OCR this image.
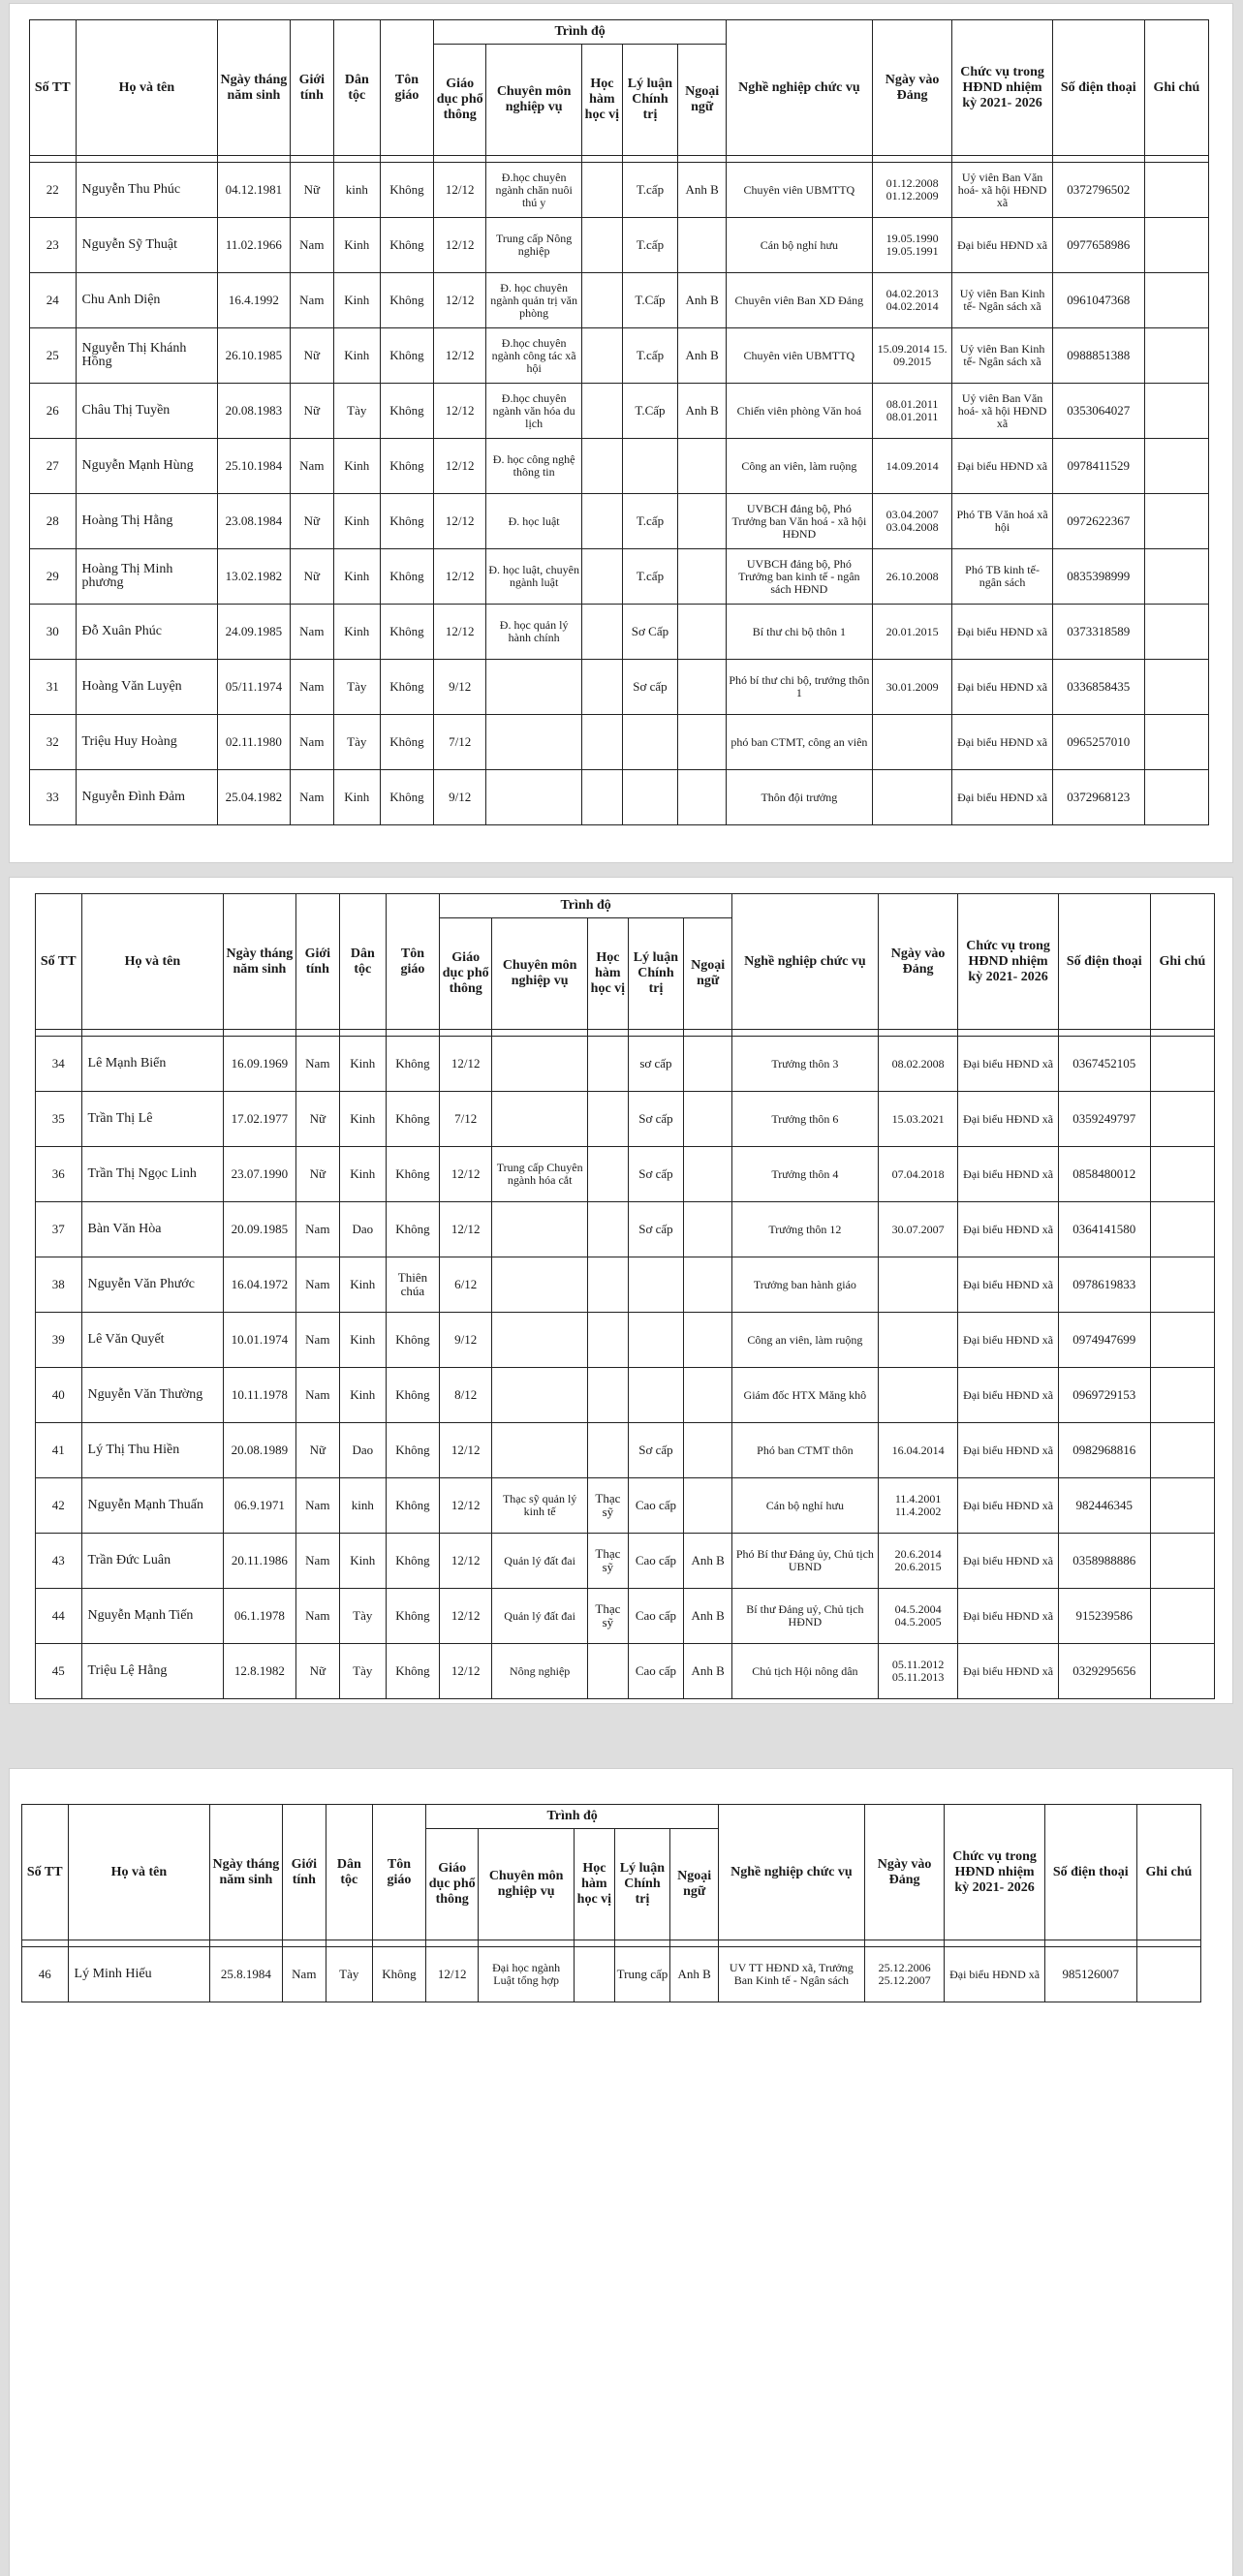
Số TT	Họ và tên	Ngày tháng năm sinh	Giới tính	Dân tộc	Tôn giáo	Trình độ					Nghề nghiệp chức vụ	Ngày vào Đảng	Chức vụ trong HĐND nhiệm kỳ 2021- 2026	Số điện thoại	Ghi chú
						Giáo dục phổ thông	Chuyên môn nghiệp vụ	Học hàm học vị	Lý luận Chính trị	Ngoại ngữ					

22	Nguyễn Thu Phúc	04.12.1981	Nữ	kinh	Không	12/12	Đ.học chuyên ngành chăn nuôi thú y		T.cấp	Anh B	Chuyên viên UBMTTQ	01.12.2008 01.12.2009	Uỷ viên Ban Văn hoá- xã hội HĐND xã	0372796502	
23	Nguyễn Sỹ Thuật	11.02.1966	Nam	Kinh	Không	12/12	Trung cấp Nông nghiệp		T.cấp		Cán bộ nghỉ hưu	19.05.1990 19.05.1991	Đại biểu HĐND xã	0977658986	
24	Chu Anh Diện	16.4.1992	Nam	Kinh	Không	12/12	Đ. học chuyên ngành quản trị văn phòng		T.Cấp	Anh B	Chuyên viên Ban XD Đảng	04.02.2013 04.02.2014	Uỷ viên Ban Kinh tế- Ngân sách xã	0961047368	
25	Nguyễn Thị Khánh Hồng	26.10.1985	Nữ	Kinh	Không	12/12	Đ.học chuyên ngành công tác xã hội		T.cấp	Anh B	Chuyên viên UBMTTQ	15.09.2014 15. 09.2015	Uỷ viên Ban Kinh tế- Ngân sách xã	0988851388	
26	Châu Thị Tuyền	20.08.1983	Nữ	Tày	Không	12/12	Đ.học chuyên ngành văn hóa du lịch		T.Cấp	Anh B	Chiến viên phòng Văn hoá	08.01.2011 08.01.2011	Uỷ viên Ban Văn hoá- xã hội HĐND xã	0353064027	
27	Nguyễn Mạnh Hùng	25.10.1984	Nam	Kinh	Không	12/12	Đ. học công nghệ thông tin				Công an viên, làm ruộng	14.09.2014	Đại biểu HĐND xã	0978411529	
28	Hoàng Thị Hằng	23.08.1984	Nữ	Kinh	Không	12/12	Đ. học luật		T.cấp		UVBCH đảng bộ, Phó Trưởng ban Văn hoá - xã hội HĐND	03.04.2007 03.04.2008	Phó TB Văn hoá xã hội	0972622367	
29	Hoàng Thị Minh phương	13.02.1982	Nữ	Kinh	Không	12/12	Đ. học luật, chuyên ngành luật		T.cấp		UVBCH đảng bộ, Phó Trưởng ban kinh tế - ngân sách HĐND	26.10.2008	Phó TB kinh tế- ngân sách	0835398999	
30	Đỗ Xuân Phúc	24.09.1985	Nam	Kinh	Không	12/12	Đ. học quản lý hành chính		Sơ Cấp		Bí thư chi bộ thôn 1	20.01.2015	Đại biểu HĐND xã	0373318589	
31	Hoàng Văn Luyện	05/11.1974	Nam	Tày	Không	9/12			Sơ cấp		Phó bí thư chi bộ, trưởng thôn 1	30.01.2009	Đại biểu HĐND xã	0336858435	
32	Triệu Huy Hoàng	02.11.1980	Nam	Tày	Không	7/12					phó ban CTMT, công an viên		Đại biểu HĐND xã	0965257010	
33	Nguyễn Đình Đảm	25.04.1982	Nam	Kinh	Không	9/12					Thôn đội trưởng		Đại biểu HĐND xã	0372968123	
Số TT	Họ và tên	Ngày tháng năm sinh	Giới tính	Dân tộc	Tôn giáo	Trình độ					Nghề nghiệp chức vụ	Ngày vào Đảng	Chức vụ trong HĐND nhiệm kỳ 2021- 2026	Số điện thoại	Ghi chú
						Giáo dục phổ thông	Chuyên môn nghiệp vụ	Học hàm học vị	Lý luận Chính trị	Ngoại ngữ					

34	Lê Mạnh Biển	16.09.1969	Nam	Kinh	Không	12/12			sơ cấp		Trưởng thôn 3	08.02.2008	Đại biểu HĐND xã	0367452105	
35	Trần Thị Lê	17.02.1977	Nữ	Kinh	Không	7/12			Sơ cấp		Trưởng thôn 6	15.03.2021	Đại biểu HĐND xã	0359249797	
36	Trần Thị Ngọc Linh	23.07.1990	Nữ	Kinh	Không	12/12	Trung cấp Chuyên ngành hóa cắt		Sơ cấp		Trưởng thôn 4	07.04.2018	Đại biểu HĐND xã	0858480012	
37	Bàn Văn Hòa	20.09.1985	Nam	Dao	Không	12/12			Sơ cấp		Trưởng thôn 12	30.07.2007	Đại biểu HĐND xã	0364141580	
38	Nguyễn Văn Phước	16.04.1972	Nam	Kinh	Thiên chúa	6/12					Trưởng ban hành giáo		Đại biểu HĐND xã	0978619833	
39	Lê Văn Quyết	10.01.1974	Nam	Kinh	Không	9/12					Công an viên, làm ruộng		Đại biểu HĐND xã	0974947699	
40	Nguyễn Văn Thường	10.11.1978	Nam	Kinh	Không	8/12					Giám đốc HTX Măng khô		Đại biểu HĐND xã	0969729153	
41	Lý Thị Thu Hiền	20.08.1989	Nữ	Dao	Không	12/12			Sơ cấp		Phó ban CTMT thôn	16.04.2014	Đại biểu HĐND xã	0982968816	
42	Nguyễn Mạnh Thuấn	06.9.1971	Nam	kinh	Không	12/12	Thạc sỹ quản lý kinh tế	Thạc sỹ	Cao cấp		Cán bộ nghỉ hưu	11.4.2001 11.4.2002	Đại biểu HĐND xã	982446345	
43	Trần Đức Luân	20.11.1986	Nam	Kinh	Không	12/12	Quản lý đất đai	Thạc sỹ	Cao cấp	Anh B	Phó Bí thư Đảng ủy, Chủ tịch UBND	20.6.2014 20.6.2015	Đại biểu HĐND xã	0358988886	
44	Nguyễn Mạnh Tiến	06.1.1978	Nam	Tày	Không	12/12	Quản lý đất đai	Thạc sỹ	Cao cấp	Anh B	Bí thư Đảng uỷ, Chủ tịch HĐND	04.5.2004 04.5.2005	Đại biểu HĐND xã	915239586	
45	Triệu Lệ Hằng	12.8.1982	Nữ	Tày	Không	12/12	Nông nghiệp		Cao cấp	Anh B	Chủ tịch Hội nông dân	05.11.2012 05.11.2013	Đại biểu HĐND xã	0329295656	
Số TT	Họ và tên	Ngày tháng năm sinh	Giới tính	Dân tộc	Tôn giáo	Trình độ					Nghề nghiệp chức vụ	Ngày vào Đảng	Chức vụ trong HĐND nhiệm kỳ 2021- 2026	Số điện thoại	Ghi chú
						Giáo dục phổ thông	Chuyên môn nghiệp vụ	Học hàm học vị	Lý luận Chính trị	Ngoại ngữ					

46	Lý Minh Hiếu	25.8.1984	Nam	Tày	Không	12/12	Đại học ngành Luật tổng hợp		Trung cấp	Anh B	UV TT HĐND xã, Trưởng Ban Kinh tế - Ngân sách	25.12.2006 25.12.2007	Đại biểu HĐND xã	985126007	
